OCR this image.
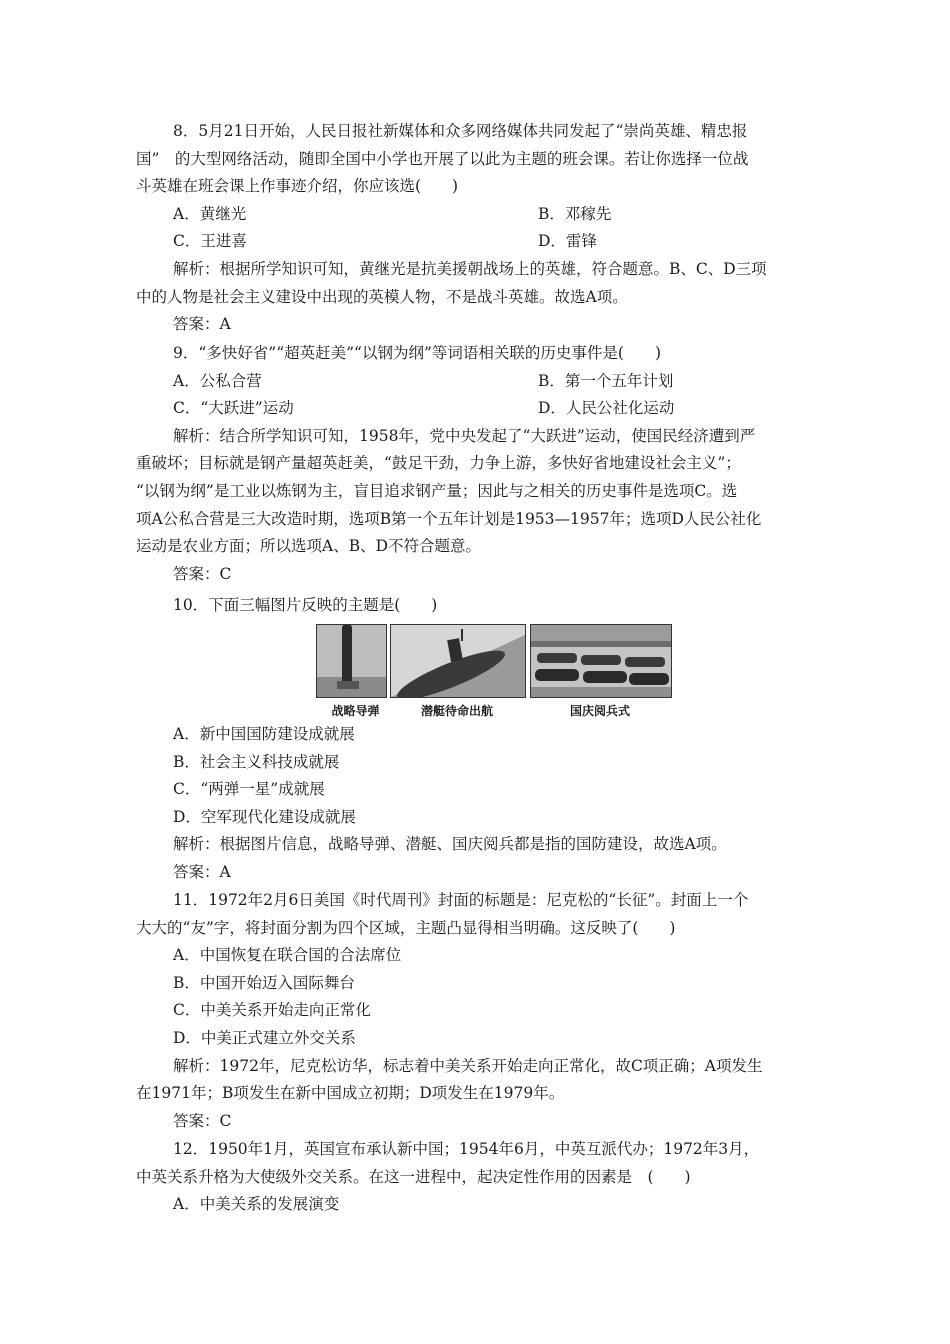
8．5月21日开始，人民日报社新媒体和众多网络媒体共同发起了“崇尚英雄、精忠报

国”　的大型网络活动，随即全国中小学也开展了以此为主题的班会课。若让你选择一位战

斗英雄在班会课上作事迹介绍，你应该选(　　)

A．黄继光	B．邓稼先

C．王进喜	D．雷锋

解析：根据所学知识可知，黄继光是抗美援朝战场上的英雄，符合题意。B、C、D三项

中的人物是社会主义建设中出现的英模人物，不是战斗英雄。故选A项。

答案：A

9．“多快好省”“超英赶美”“以钢为纲”等词语相关联的历史事件是(　　)

A．公私合营	B．第一个五年计划

C．“大跃进”运动	D．人民公社化运动

解析：结合所学知识可知，1958年，党中央发起了“大跃进”运动，使国民经济遭到严

重破坏；目标就是钢产量超英赶美，“鼓足干劲，力争上游，多快好省地建设社会主义”；

“以钢为纲”是工业以炼钢为主，盲目追求钢产量；因此与之相关的历史事件是选项C。选

项A公私合营是三大改造时期，选项B第一个五年计划是1953—1957年；选项D人民公社化

运动是农业方面；所以选项A、B、D不符合题意。

答案：C

10．下面三幅图片反映的主题是(　　)

战略导弹	潜艇待命出航	国庆阅兵式

A．新中国国防建设成就展

B．社会主义科技成就展

C．“两弹一星”成就展

D．空军现代化建设成就展

解析：根据图片信息，战略导弹、潜艇、国庆阅兵都是指的国防建设，故选A项。

答案：A

11．1972年2月6日美国《时代周刊》封面的标题是：尼克松的“长征”。封面上一个

大大的“友”字，将封面分割为四个区域，主题凸显得相当明确。这反映了(　　)

A．中国恢复在联合国的合法席位

B．中国开始迈入国际舞台

C．中美关系开始走向正常化

D．中美正式建立外交关系

解析：1972年，尼克松访华，标志着中美关系开始走向正常化，故C项正确；A项发生

在1971年；B项发生在新中国成立初期；D项发生在1979年。

答案：C

12．1950年1月，英国宣布承认新中国；1954年6月，中英互派代办；1972年3月，

中英关系升格为大使级外交关系。在这一进程中，起决定性作用的因素是　(　　)

A．中美关系的发展演变
